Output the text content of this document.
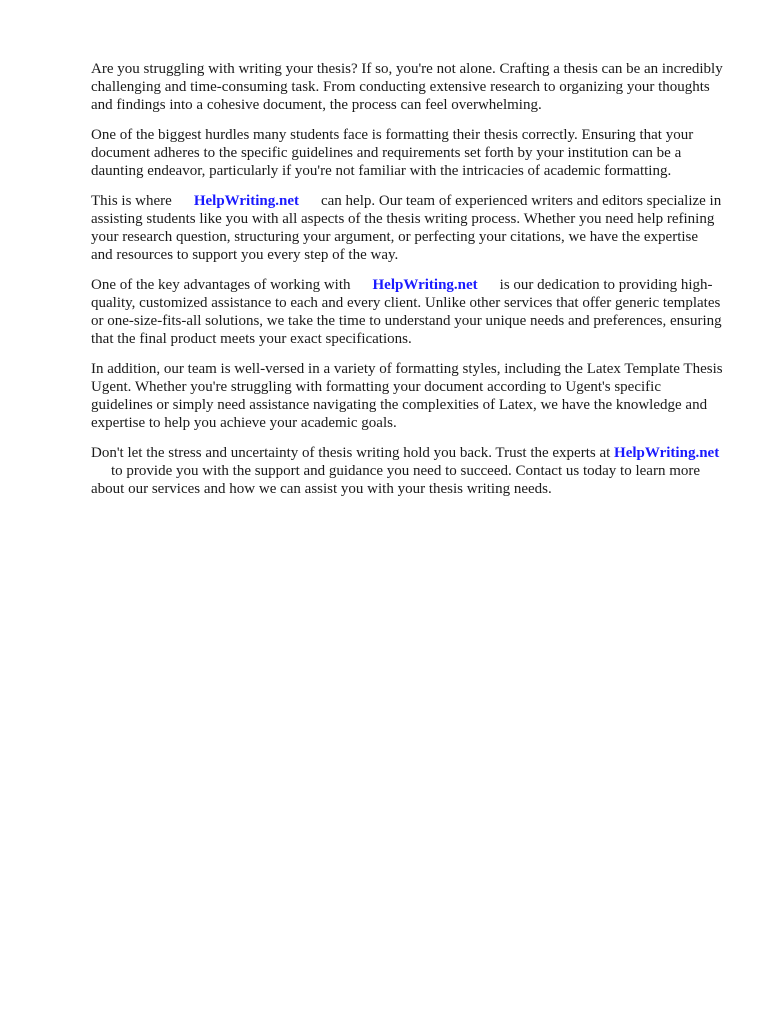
Are you struggling with writing your thesis? If so, you're not alone. Crafting a thesis can be an incredibly challenging and time-consuming task. From conducting extensive research to organizing your thoughts and findings into a cohesive document, the process can feel overwhelming.

One of the biggest hurdles many students face is formatting their thesis correctly. Ensuring that your document adheres to the specific guidelines and requirements set forth by your institution can be a daunting endeavor, particularly if you're not familiar with the intricacies of academic formatting.

This is where HelpWriting.net can help. Our team of experienced writers and editors specialize in assisting students like you with all aspects of the thesis writing process. Whether you need help refining your research question, structuring your argument, or perfecting your citations, we have the expertise and resources to support you every step of the way.

One of the key advantages of working with HelpWriting.net is our dedication to providing high-quality, customized assistance to each and every client. Unlike other services that offer generic templates or one-size-fits-all solutions, we take the time to understand your unique needs and preferences, ensuring that the final product meets your exact specifications.

In addition, our team is well-versed in a variety of formatting styles, including the Latex Template Thesis Ugent. Whether you're struggling with formatting your document according to Ugent's specific guidelines or simply need assistance navigating the complexities of Latex, we have the knowledge and expertise to help you achieve your academic goals.

Don't let the stress and uncertainty of thesis writing hold you back. Trust the experts at HelpWriting.netto provide you with the support and guidance you need to succeed. Contact us today to learn more about our services and how we can assist you with your thesis writing needs.
